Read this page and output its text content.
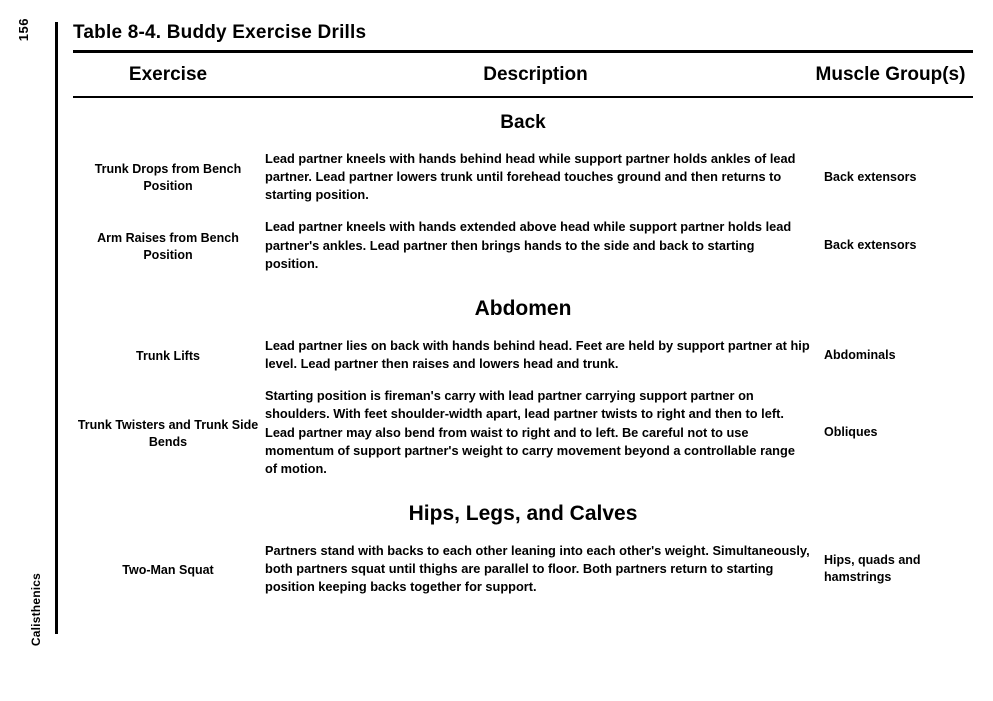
156
Calisthenics
Table 8-4. Buddy Exercise Drills
Exercise	Description	Muscle Group(s)
Back
Trunk Drops from Bench Position
Lead partner kneels with hands behind head while support partner holds ankles of lead partner. Lead partner lowers trunk until forehead touches ground and then returns to starting position.
Back extensors
Arm Raises from Bench Position
Lead partner kneels with hands extended above head while support partner holds lead partner's ankles. Lead partner then brings hands to the side and back to starting position.
Back extensors
Abdomen
Trunk Lifts
Lead partner lies on back with hands behind head. Feet are held by support partner at hip level. Lead partner then raises and lowers head and trunk.
Abdominals
Trunk Twisters and Trunk Side Bends
Starting position is fireman's carry with lead partner carrying support partner on shoulders. With feet shoulder-width apart, lead partner twists to right and then to left. Lead partner may also bend from waist to right and to left. Be careful not to use momentum of support partner's weight to carry movement beyond a controllable range of motion.
Obliques
Hips, Legs, and Calves
Two-Man Squat
Partners stand with backs to each other leaning into each other's weight. Simultaneously, both partners squat until thighs are parallel to floor. Both partners return to starting position keeping backs together for support.
Hips, quads and hamstrings
